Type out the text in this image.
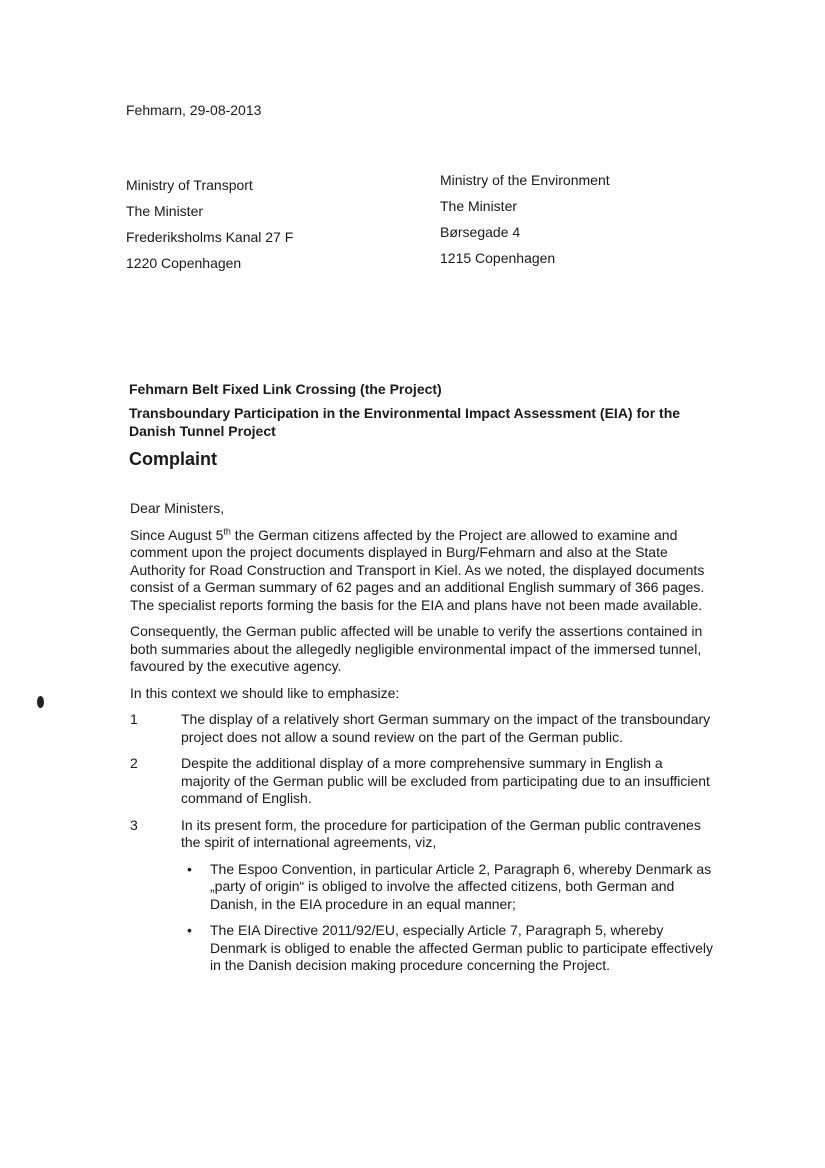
Fehmarn, 29-08-2013
Ministry of Transport
The Minister
Frederiksholms Kanal 27 F
1220 Copenhagen
Ministry of the Environment
The Minister
Børsegade 4
1215 Copenhagen

Fehmarn Belt Fixed Link Crossing (the Project)

Transboundary Participation in the Environmental Impact Assessment (EIA) for the Danish Tunnel Project

Complaint

Dear Ministers,

Since August 5th the German citizens affected by the Project are allowed to examine and comment upon the project documents displayed in Burg/Fehmarn and also at the State Authority for Road Construction and Transport in Kiel. As we noted, the displayed documents consist of a German summary of 62 pages and an additional English summary of 366 pages. The specialist reports forming the basis for the EIA and plans have not been made available.

Consequently, the German public affected will be unable to verify the assertions contained in both summaries about the allegedly negligible environmental impact of the immersed tunnel, favoured by the executive agency.

In this context we should like to emphasize:

1	The display of a relatively short German summary on the impact of the transboundary project does not allow a sound review on the part of the German public.
2	Despite the additional display of a more comprehensive summary in English a majority of the German public will be excluded from participating due to an insufficient command of English.
3	In its present form, the procedure for participation of the German public contravenes the spirit of international agreements, viz,
• The Espoo Convention, in particular Article 2, Paragraph 6, whereby Denmark as „party of origin“ is obliged to involve the affected citizens, both German and Danish, in the EIA procedure in an equal manner;
• The EIA Directive 2011/92/EU, especially Article 7, Paragraph 5, whereby Denmark is obliged to enable the affected German public to participate effectively in the Danish decision making procedure concerning the Project.
